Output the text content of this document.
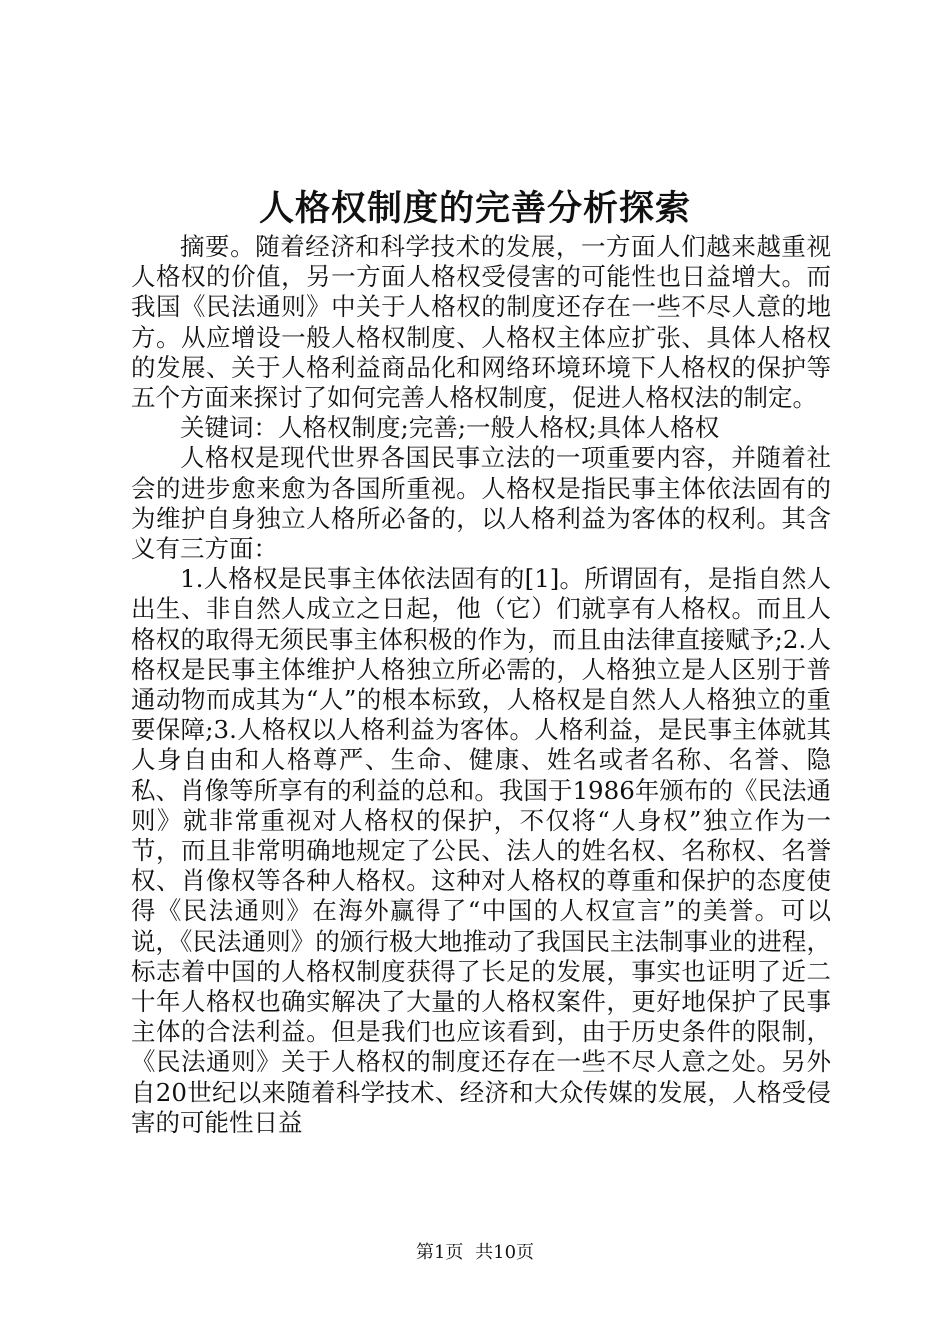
人格权制度的完善分析探索

摘要。随着经济和科学技术的发展，一方面人们越来越重视人格权的价值，另一方面人格权受侵害的可能性也日益增大。而我国《民法通则》中关于人格权的制度还存在一些不尽人意的地方。从应增设一般人格权制度、人格权主体应扩张、具体人格权的发展、关于人格利益商品化和网络环境环境下人格权的保护等五个方面来探讨了如何完善人格权制度，促进人格权法的制定。

关键词：人格权制度;完善;一般人格权;具体人格权

人格权是现代世界各国民事立法的一项重要内容，并随着社会的进步愈来愈为各国所重视。人格权是指民事主体依法固有的为维护自身独立人格所必备的，以人格利益为客体的权利。其含义有三方面：

1.人格权是民事主体依法固有的[1]。所谓固有，是指自然人出生、非自然人成立之日起，他（它）们就享有人格权。而且人格权的取得无须民事主体积极的作为，而且由法律直接赋予;2.人格权是民事主体维护人格独立所必需的，人格独立是人区别于普通动物而成其为“人”的根本标致，人格权是自然人人格独立的重要保障;3.人格权以人格利益为客体。人格利益，是民事主体就其人身自由和人格尊严、生命、健康、姓名或者名称、名誉、隐私、肖像等所享有的利益的总和。我国于1986年颁布的《民法通则》就非常重视对人格权的保护，不仅将“人身权”独立作为一节，而且非常明确地规定了公民、法人的姓名权、名称权、名誉权、肖像权等各种人格权。这种对人格权的尊重和保护的态度使得《民法通则》在海外赢得了“中国的人权宣言”的美誉。可以说，《民法通则》的颁行极大地推动了我国民主法制事业的进程，标志着中国的人格权制度获得了长足的发展，事实也证明了近二十年人格权也确实解决了大量的人格权案件，更好地保护了民事主体的合法利益。但是我们也应该看到，由于历史条件的限制，《民法通则》关于人格权的制度还存在一些不尽人意之处。另外自20世纪以来随着科学技术、经济和大众传媒的发展，人格受侵害的可能性日益

第1页 共10页
